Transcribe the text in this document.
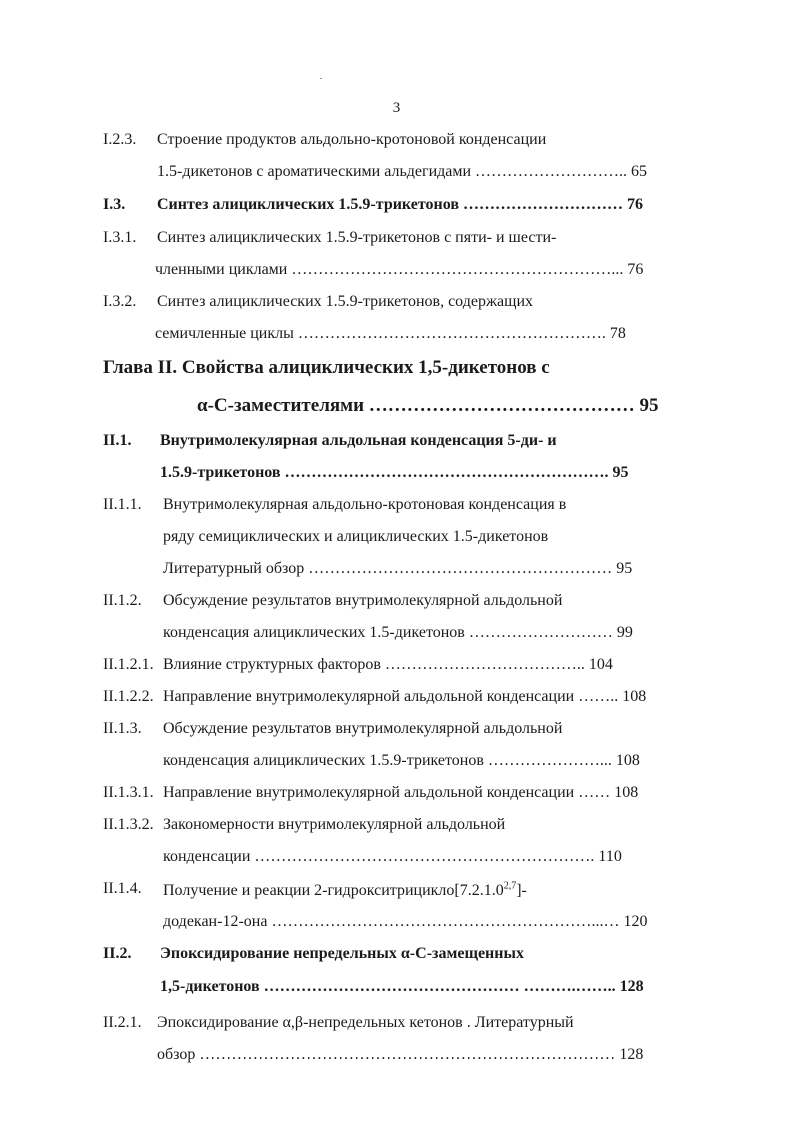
3
I.2.3. Строение продуктов альдольно-кротоновой конденсации
1.5-дикетонов с ароматическими альдегидами ……………………….. 65
I.3. Синтез алициклических 1.5.9-трикетонов ………………………… 76
I.3.1. Синтез алициклических 1.5.9-трикетонов с пяти- и шести-
членными циклами ……………………………………………………... 76
I.3.2. Синтез алициклических 1.5.9-трикетонов, содержащих
семичленные циклы …………………………………………………. 78
Глава II. Свойства алициклических 1,5-дикетонов с
α-С-заместителями …………………………………… 95
II.1. Внутримолекулярная альдольная конденсация 5-ди- и
1.5.9-трикетонов ……………………………………………………. 95
II.1.1. Внутримолекулярная альдольно-кротоновая конденсация в
ряду семициклических и алициклических 1.5-дикетонов
Литературный обзор ………………………………………………… 95
II.1.2. Обсуждение результатов внутримолекулярной альдольной
конденсация алициклических 1.5-дикетонов ……………………… 99
II.1.2.1. Влияние структурных факторов ……………………………….. 104
II.1.2.2. Направление внутримолекулярной альдольной конденсации …….. 108
II.1.3. Обсуждение результатов внутримолекулярной альдольной
конденсация алициклических 1.5.9-трикетонов …………………... 108
II.1.3.1. Направление внутримолекулярной альдольной конденсации …… 108
II.1.3.2. Закономерности внутримолекулярной альдольной
конденсации ………………………………………………………. 110
II.1.4. Получение и реакции 2-гидрокситрицикло[7.2.1.0$^{2,7}$]-
додекан-12-она ……………………………………………………...… 120
II.2. Эпоксидирование непредельных α-С-замещенных
1,5-дикетонов ………………………………………… ……….…….. 128
II.2.1. Эпоксидирование α,β-непредельных кетонов . Литературный
обзор …………………………………………………………………… 128
